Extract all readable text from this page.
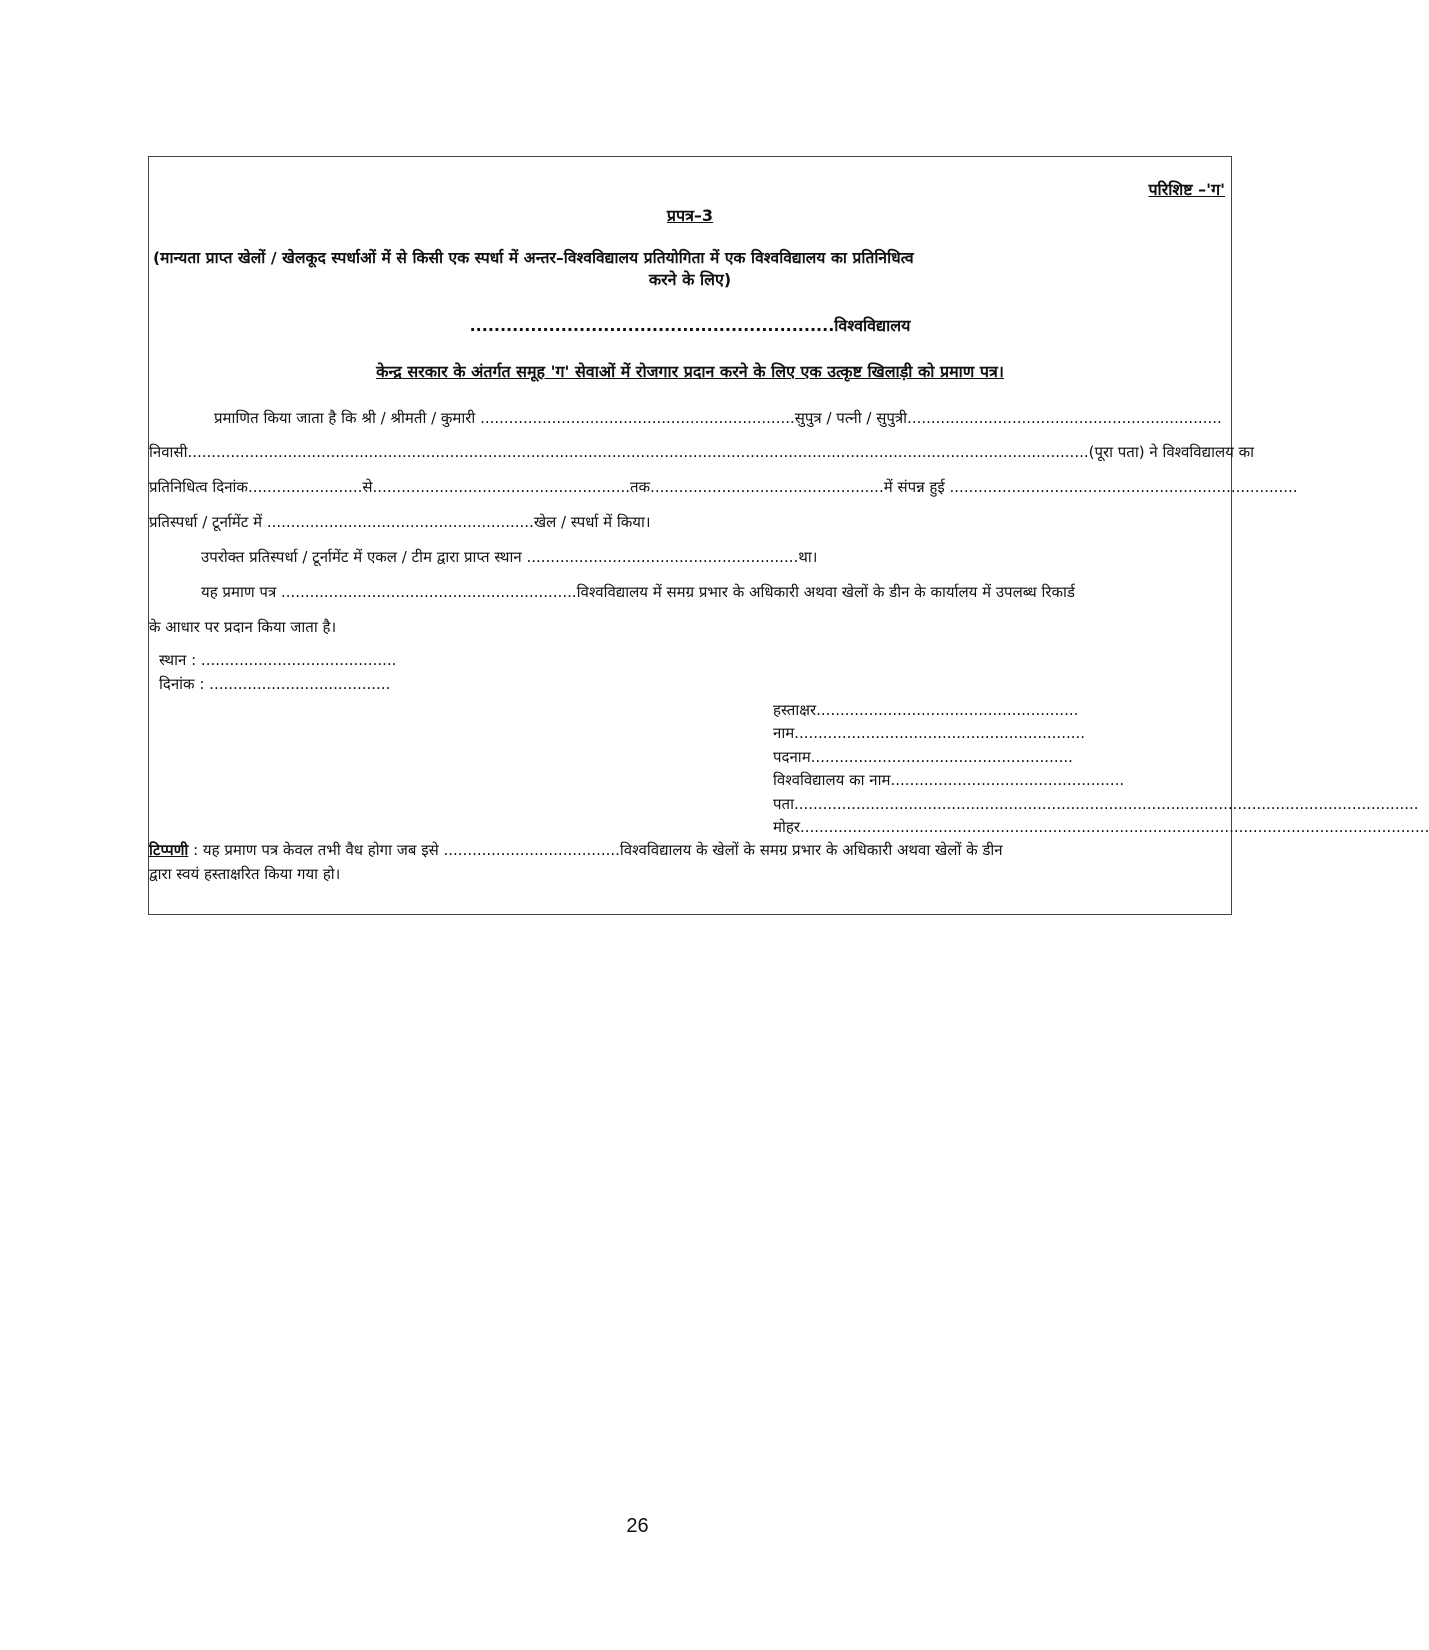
परिशिष्ट –'ग'
प्रपत्र–3
(मान्यता प्राप्त खेलों / खेलकूद स्पर्धाओं में से किसी एक स्पर्धा में अन्तर–विश्वविद्यालय प्रतियोगिता में एक विश्वविद्यालय का प्रतिनिधित्व
करने के लिए)
............................................................विश्वविद्यालय
केन्द्र सरकार के अंतर्गत समूह 'ग' सेवाओं में रोजगार प्रदान करने के लिए एक उत्कृष्ट खिलाड़ी को प्रमाण पत्र।
प्रमाणित किया जाता है कि श्री / श्रीमती / कुमारी ..................................................................सुपुत्र / पत्नी / सुपुत्री..................................................................
निवासी.............................................................................................................................................................................................(पूरा पता) ने विश्वविद्यालय का
प्रतिनिधित्व दिनांक........................से......................................................तक.................................................में संपन्न हुई .........................................................................
प्रतिस्पर्धा / टूर्नामेंट में ........................................................खेल / स्पर्धा में किया।
उपरोक्त प्रतिस्पर्धा / टूर्नामेंट में एकल / टीम द्वारा प्राप्त स्थान .........................................................था।
यह प्रमाण पत्र ..............................................................विश्वविद्यालय में समग्र प्रभार के अधिकारी अथवा खेलों के डीन के कार्यालय में उपलब्ध रिकार्ड
के आधार पर प्रदान किया जाता है।
स्थान : .........................................
दिनांक : ......................................
हस्ताक्षर.......................................................
नाम.............................................................
पदनाम.......................................................
विश्वविद्यालय का नाम.................................................
पता...................................................................................................................................
मोहर....................................................................................................................................
टिप्पणी : यह प्रमाण पत्र केवल तभी वैध होगा जब इसे .....................................विश्वविद्यालय के खेलों के समग्र प्रभार के अधिकारी अथवा खेलों के डीन
द्वारा स्वयं हस्ताक्षरित किया गया हो।
26
